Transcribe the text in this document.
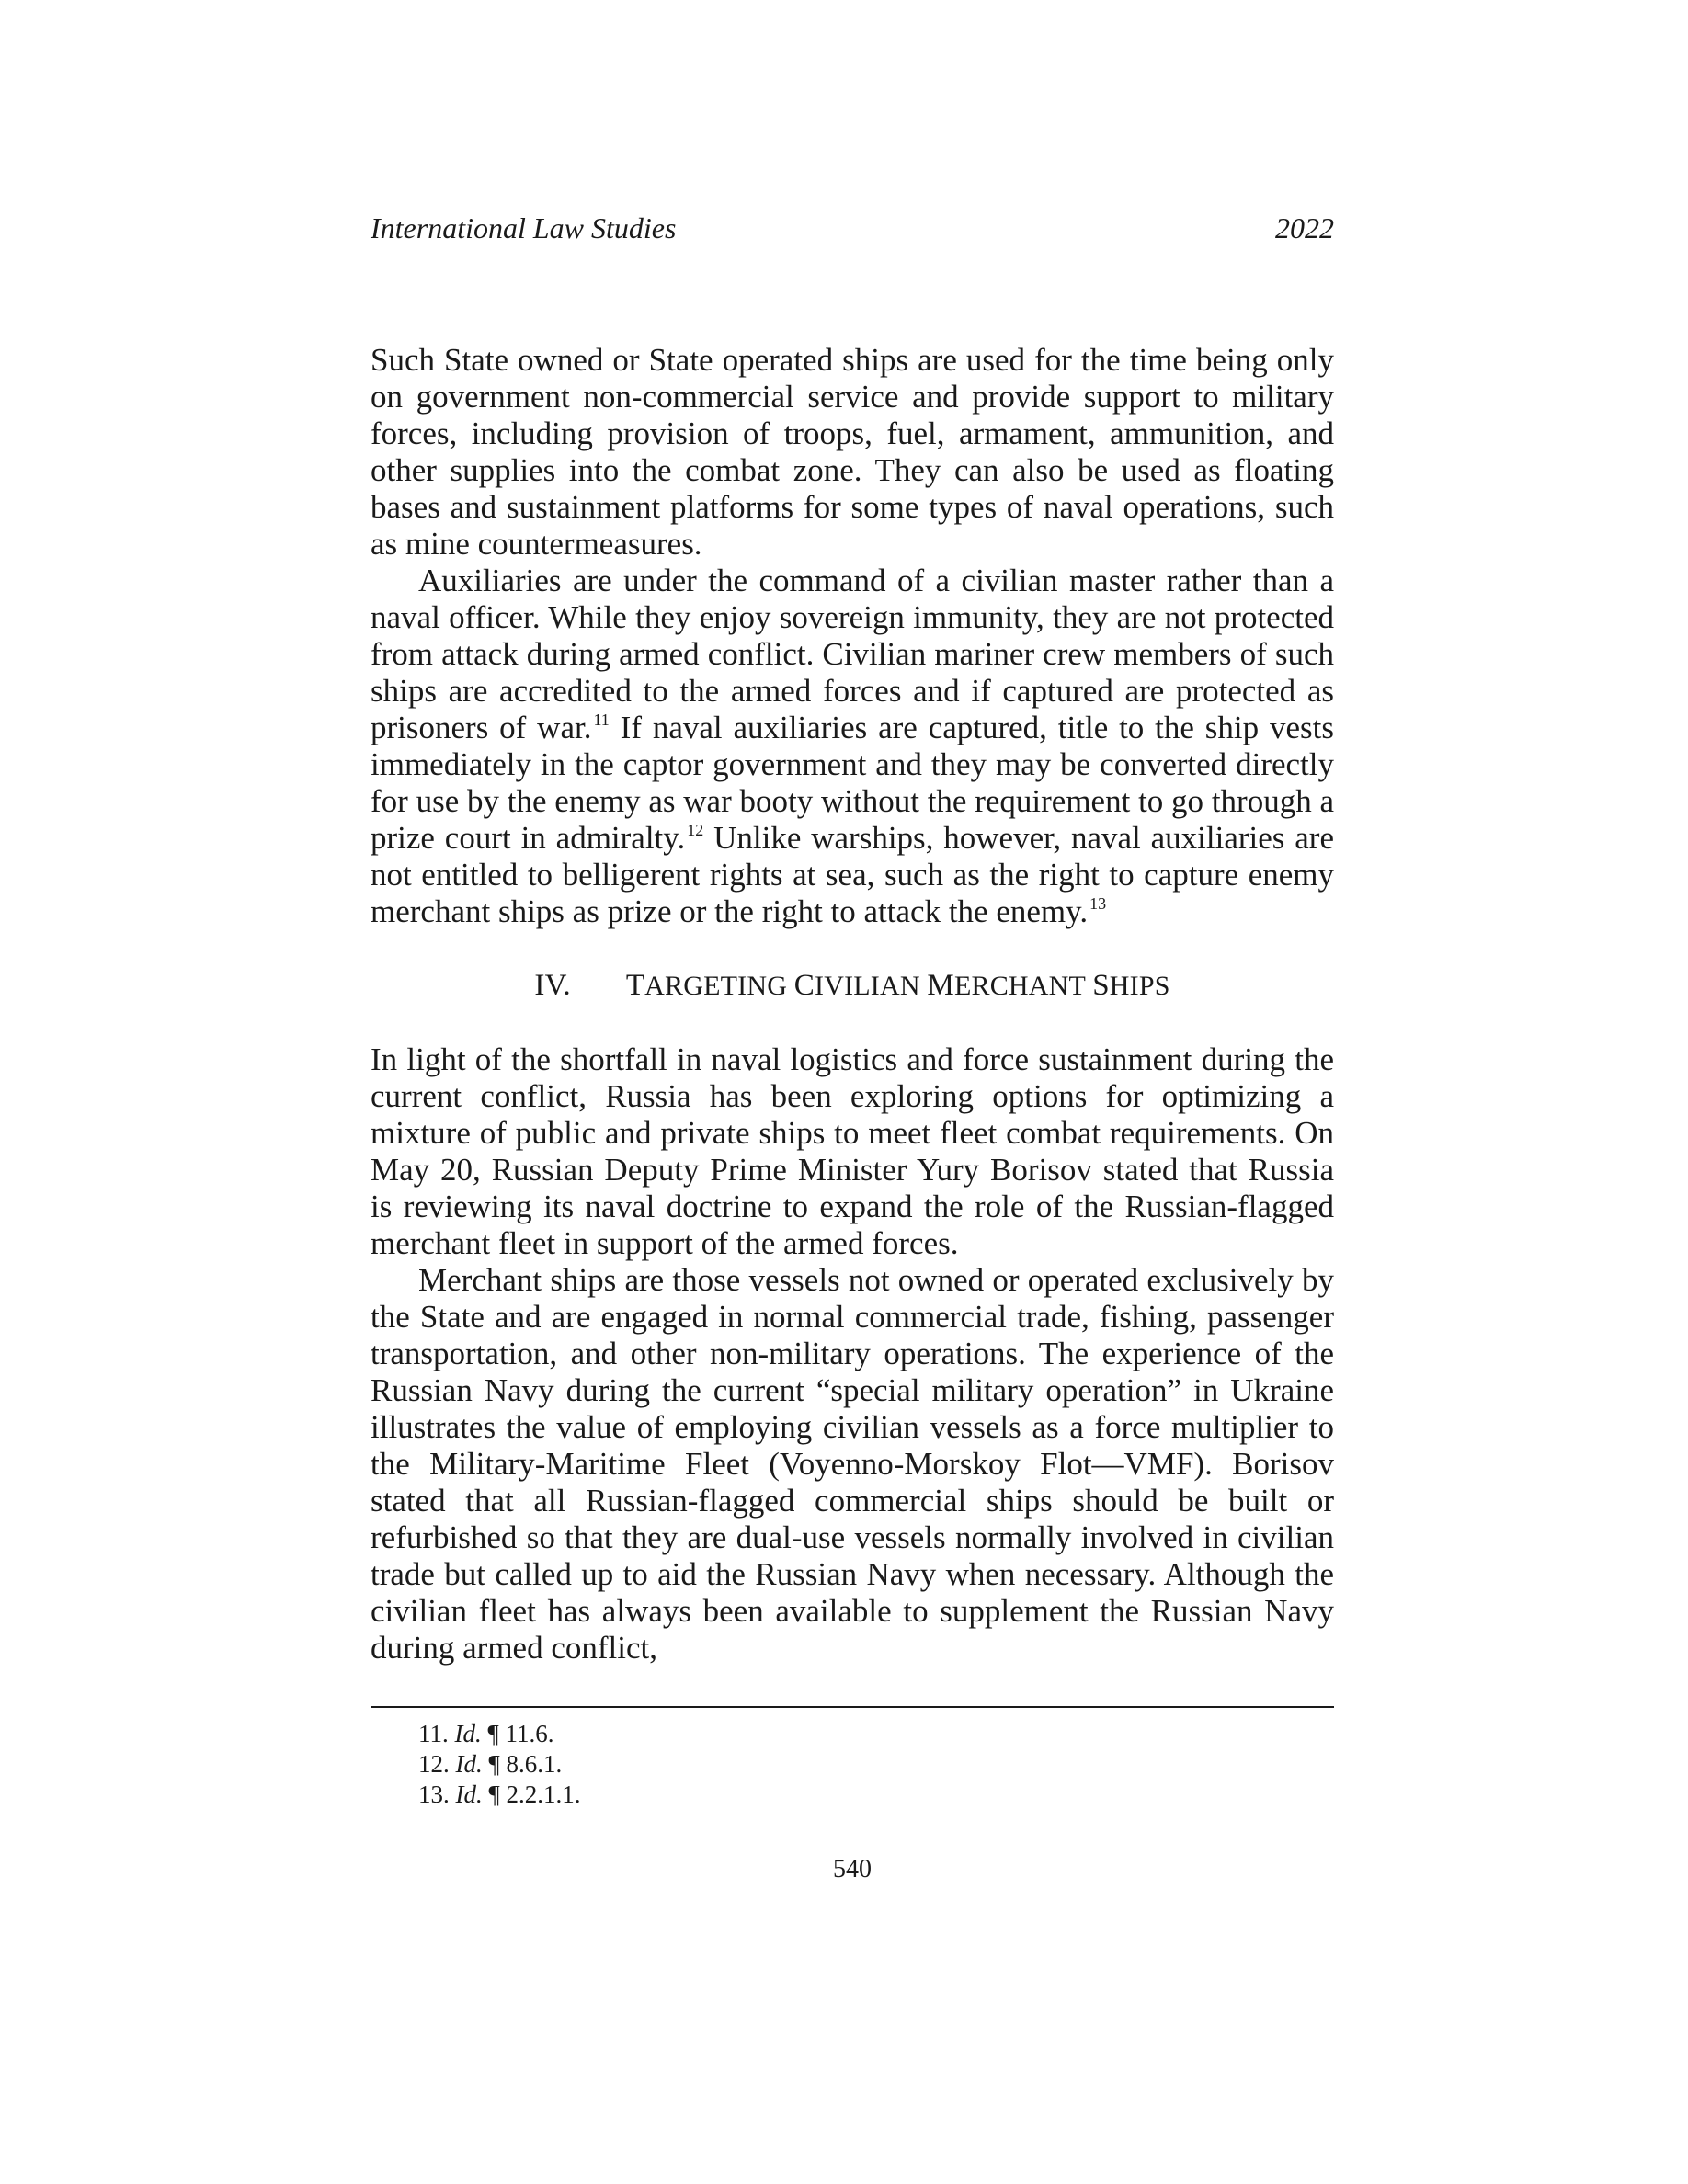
International Law Studies	2022

Such State owned or State operated ships are used for the time being only on government non-commercial service and provide support to military forces, including provision of troops, fuel, armament, ammunition, and other supplies into the combat zone. They can also be used as floating bases and sustainment platforms for some types of naval operations, such as mine countermeasures.

Auxiliaries are under the command of a civilian master rather than a naval officer. While they enjoy sovereign immunity, they are not protected from attack during armed conflict. Civilian mariner crew members of such ships are accredited to the armed forces and if captured are protected as prisoners of war. $^{11}$ If naval auxiliaries are captured, title to the ship vests immediately in the captor government and they may be converted directly for use by the enemy as war booty without the requirement to go through a prize court in admiralty. $^{12}$ Unlike warships, however, naval auxiliaries are not entitled to belligerent rights at sea, such as the right to capture enemy merchant ships as prize or the right to attack the enemy. $^{13}$

IV. TARGETING CIVILIAN MERCHANT SHIPS

In light of the shortfall in naval logistics and force sustainment during the current conflict, Russia has been exploring options for optimizing a mixture of public and private ships to meet fleet combat requirements. On May 20, Russian Deputy Prime Minister Yury Borisov stated that Russia is reviewing its naval doctrine to expand the role of the Russian-flagged merchant fleet in support of the armed forces.

Merchant ships are those vessels not owned or operated exclusively by the State and are engaged in normal commercial trade, fishing, passenger transportation, and other non-military operations. The experience of the Russian Navy during the current “special military operation” in Ukraine illustrates the value of employing civilian vessels as a force multiplier to the Military-Maritime Fleet (Voyenno-Morskoy Flot—VMF). Borisov stated that all Russian-flagged commercial ships should be built or refurbished so that they are dual-use vessels normally involved in civilian trade but called up to aid the Russian Navy when necessary. Although the civilian fleet has always been available to supplement the Russian Navy during armed conflict,

11. Id. ¶ 11.6.

12. Id. ¶ 8.6.1.

13. Id. ¶ 2.2.1.1.

540
